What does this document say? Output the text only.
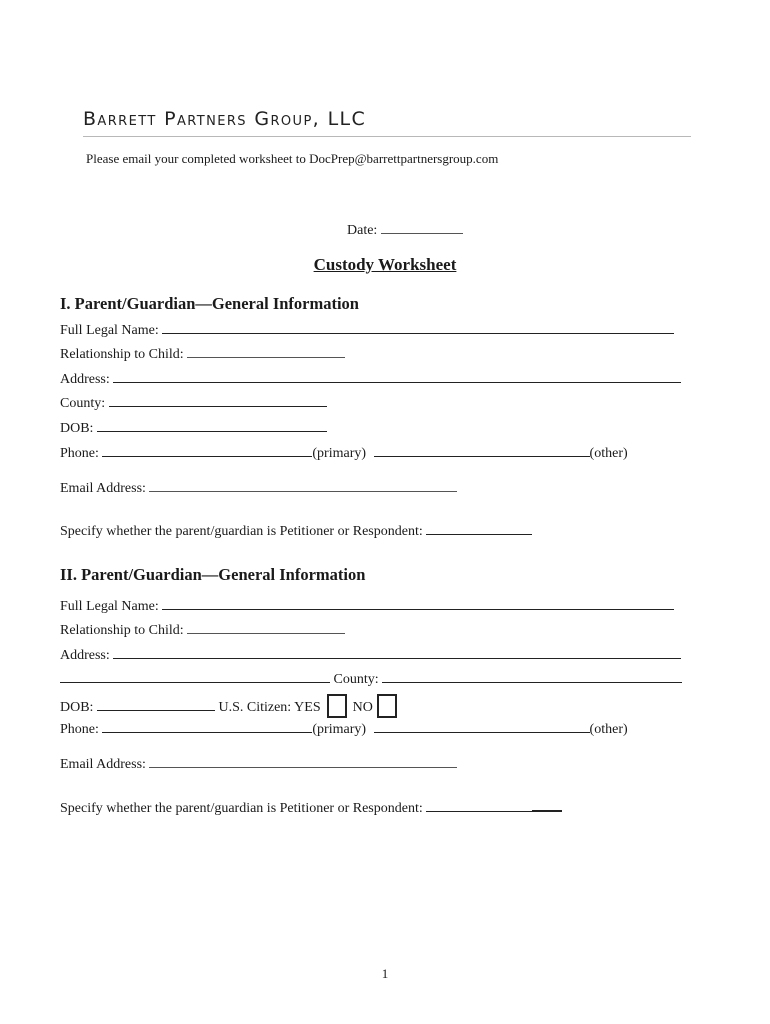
Barrett Partners Group, LLC
Please email your completed worksheet to DocPrep@barrettpartnersgroup.com
Date:
Custody Worksheet
I. Parent/Guardian—General Information
Full Legal Name:
Relationship to Child:
Address:
County:
DOB:
Phone:	(primary)	(other)
Email Address:
Specify whether the parent/guardian is Petitioner or Respondent:
II. Parent/Guardian—General Information
Full Legal Name:
Relationship to Child:
Address:
County:
DOB:	U.S. Citizen: YES NO
Phone:	(primary)	(other)
Email Address:
Specify whether the parent/guardian is Petitioner or Respondent:
1
